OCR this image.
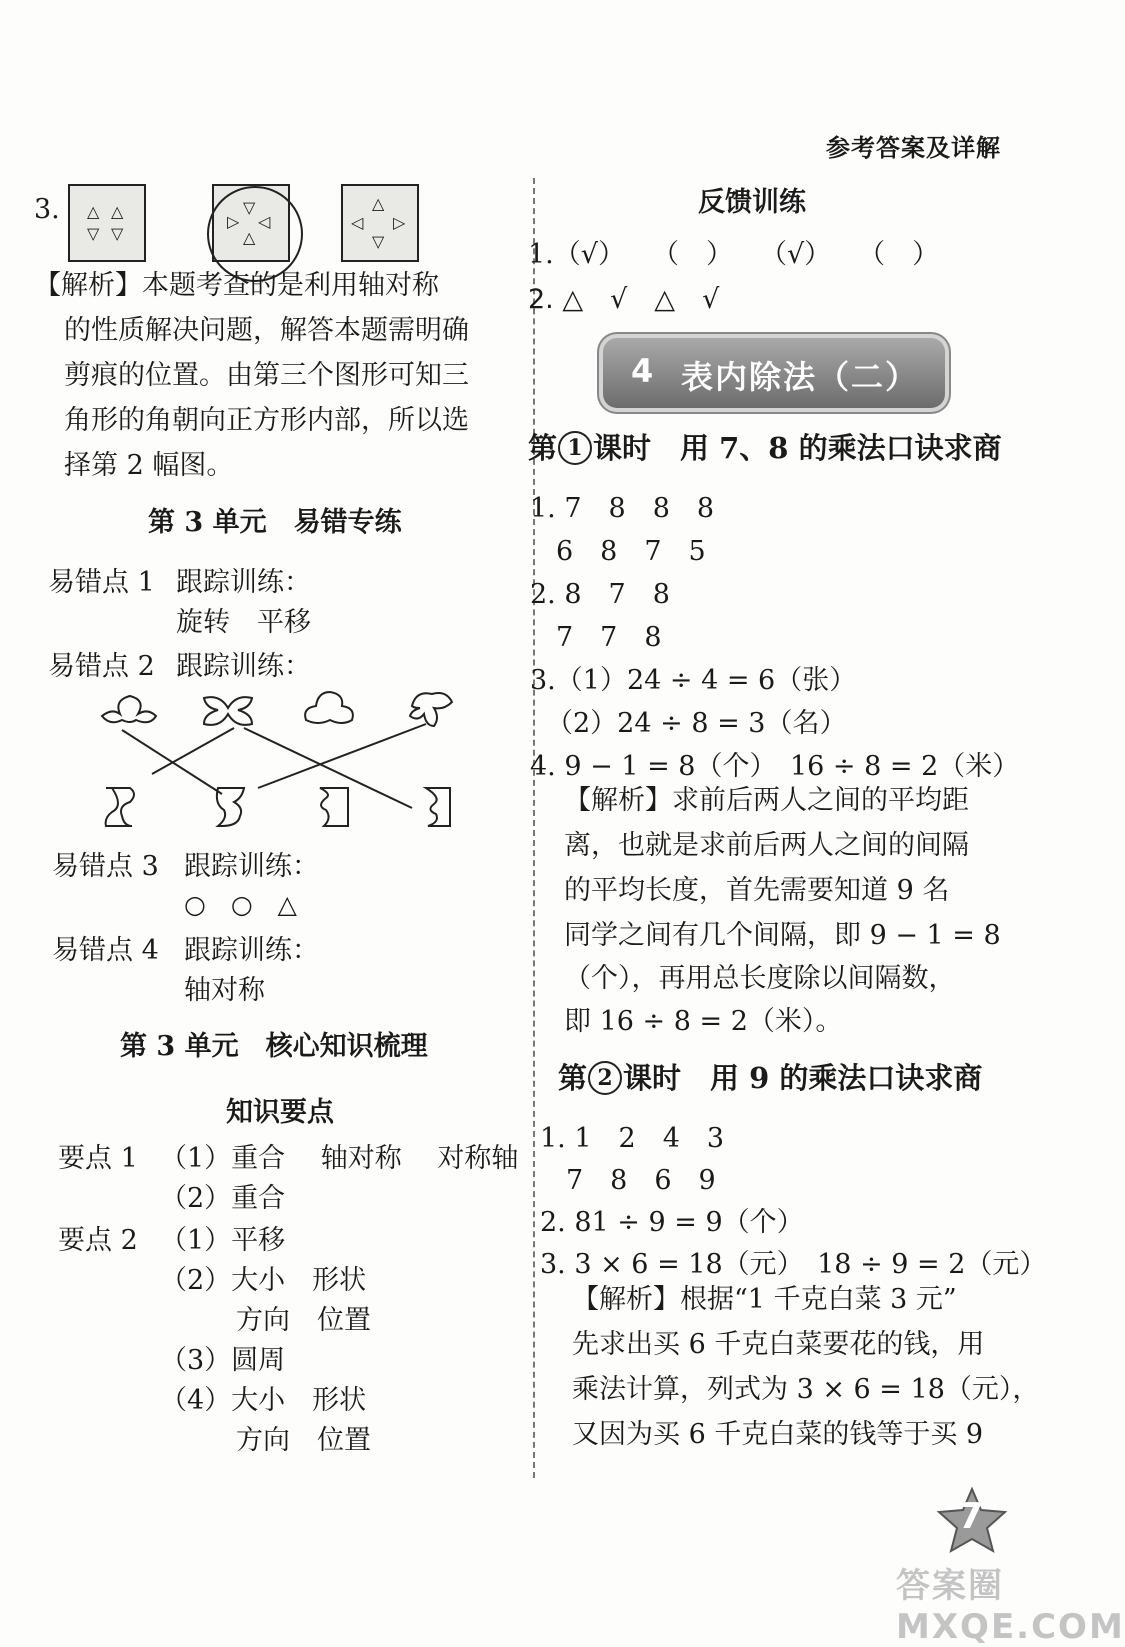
参考答案及详解
3. △ △
▽ ▽
▷ ◁
▽
△
◁ ▷
△
▽
【解析】本题考查的是利用轴对称
的性质解决问题，解答本题需明确
剪痕的位置。由第三个图形可知三
角形的角朝向正方形内部，所以选
择第 2 幅图。
第 3 单元　易错专练
易错点 1 跟踪训练：
旋转　平移
易错点 2 跟踪训练：
易错点 3 跟踪训练：
○　○　△
易错点 4 跟踪训练：
轴对称
第 3 单元　核心知识梳理
知识要点
要点 1 （1）重合　 轴对称　 对称轴
（2）重合
要点 2 （1）平移
（2）大小　形状
方向　位置
（3）圆周
（4）大小　形状
方向　位置
反馈训练
1.（√）　　（　）　　（√）　　（　）
2. △　√　△　√
4 表内除法（二）
第 1 课时　用 7、8 的乘法口诀求商
1. 7　8　8　8
6　8　7　5
2. 8　7　8
7　7　8
3.（1）24 ÷ 4 = 6（张）
（2）24 ÷ 8 = 3（名）
4. 9 − 1 = 8（个）　16 ÷ 8 = 2（米）
【解析】求前后两人之间的平均距
离，也就是求前后两人之间的间隔
的平均长度，首先需要知道 9 名
同学之间有几个间隔，即 9 − 1 = 8
（个），再用总长度除以间隔数，
即 16 ÷ 8 = 2（米）。
第 2 课时　用 9 的乘法口诀求商
1. 1　2　4　3
7　8　6　9
2. 81 ÷ 9 = 9（个）
3. 3 × 6 = 18（元）　18 ÷ 9 = 2（元）
【解析】根据“1 千克白菜 3 元”
先求出买 6 千克白菜要花的钱，用
乘法计算，列式为 3 × 6 = 18（元），
又因为买 6 千克白菜的钱等于买 9
7
答案圈 MXQE.COM
